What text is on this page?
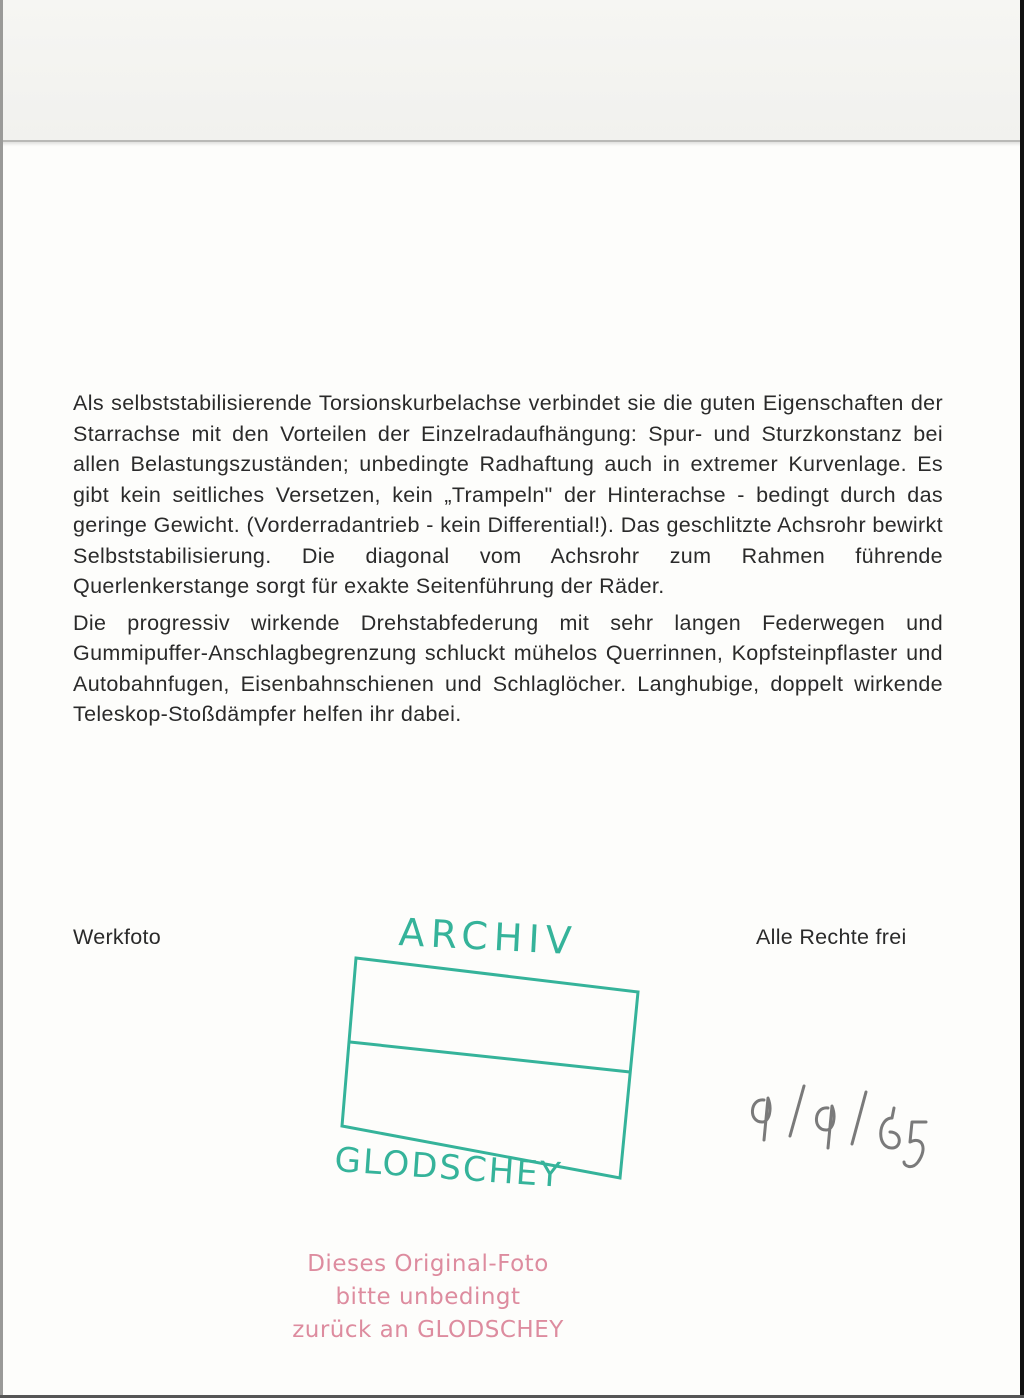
Als selbststabilisierende Torsionskurbelachse verbindet sie die guten Eigenschaften der Starrachse mit den Vorteilen der Einzelradaufhängung: Spur- und Sturzkonstanz bei allen Belastungszuständen; unbedingte Radhaftung auch in extremer Kurvenlage. Es gibt kein seitliches Versetzen, kein „Trampeln" der Hinterachse - bedingt durch das geringe Gewicht. (Vorderradantrieb - kein Differential!). Das geschlitzte Achsrohr bewirkt Selbststabilisierung. Die diagonal vom Achsrohr zum Rahmen führende Querlenkerstange sorgt für exakte Seitenführung der Räder.

Die progressiv wirkende Drehstabfederung mit sehr langen Federwegen und Gummipuffer-Anschlagbegrenzung schluckt mühelos Querrinnen, Kopfsteinpflaster und Autobahnfugen, Eisenbahnschienen und Schlaglöcher. Langhubige, doppelt wirkende Teleskop-Stoßdämpfer helfen ihr dabei.

Werkfoto	Alle Rechte frei
ARCHIV
GLODSCHEY
Dieses Original-Foto
bitte unbedingt
zurück an GLODSCHEY
